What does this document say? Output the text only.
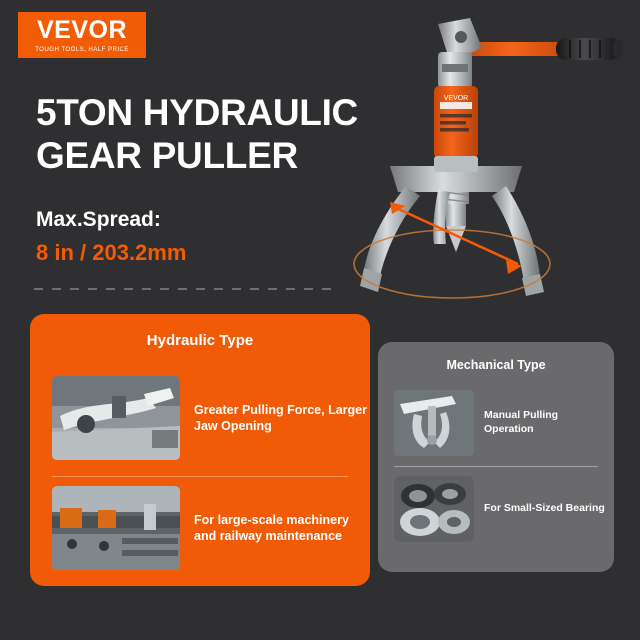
VEVOR
TOUGH TOOLS, HALF PRICE
5TON HYDRAULIC
GEAR PULLER
Max.Spread:
8 in / 203.2mm
VEVOR
Hydraulic Type
Greater Pulling Force, Larger Jaw Opening
For large-scale machinery and railway maintenance
Mechanical Type
Manual Pulling Operation
For Small-Sized Bearing
